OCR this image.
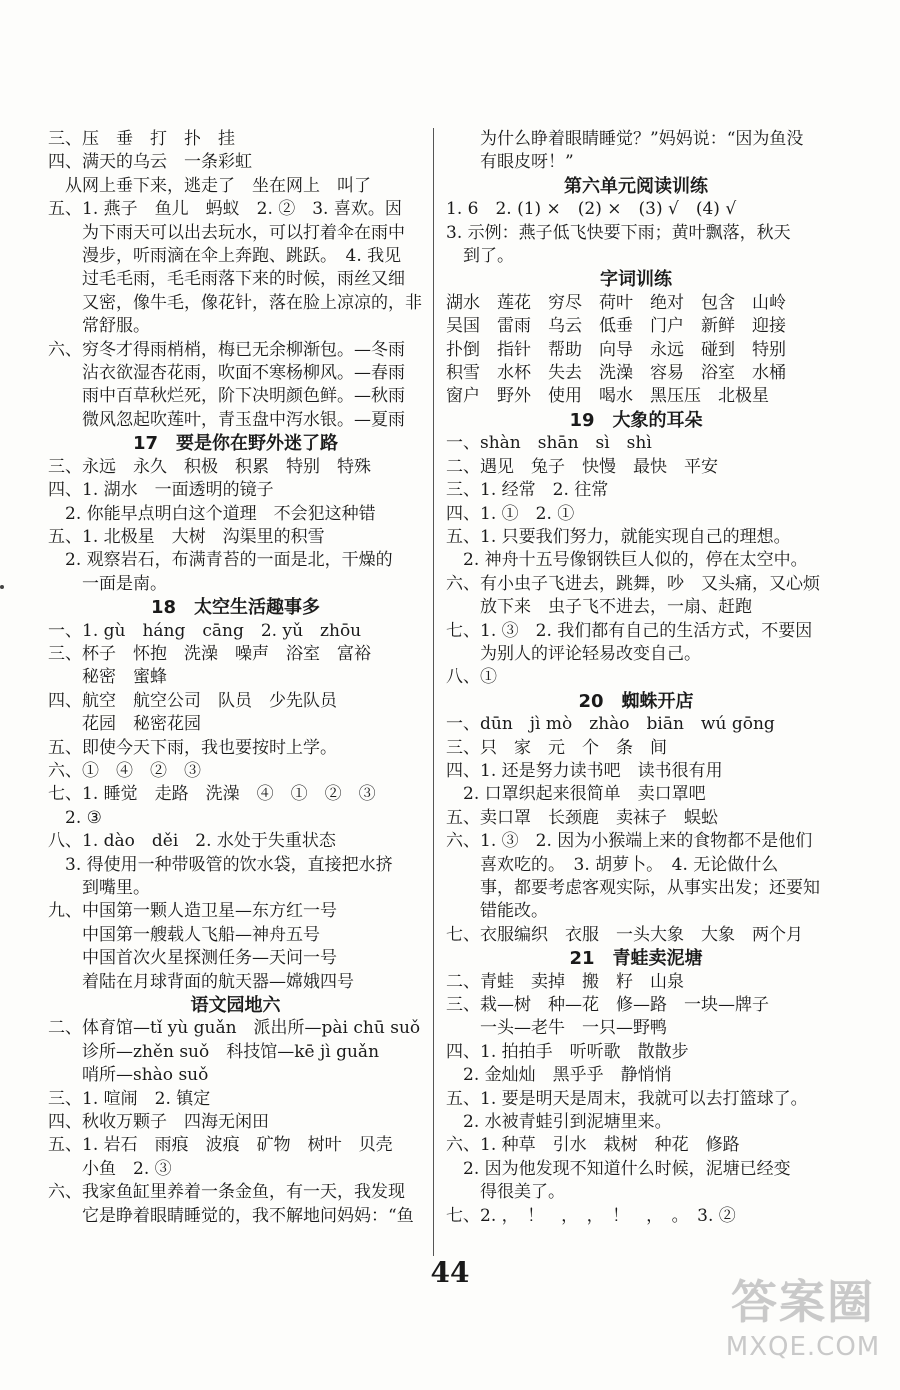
三、压　垂　打　扑　挂
四、满天的乌云　一条彩虹
从网上垂下来，逃走了　坐在网上　叫了
五、1. 燕子　鱼儿　蚂蚁　2. ②　3. 喜欢。因
为下雨天可以出去玩水，可以打着伞在雨中
漫步，听雨滴在伞上奔跑、跳跃。　4. 我见
过毛毛雨，毛毛雨落下来的时候，雨丝又细
又密，像牛毛，像花针，落在脸上凉凉的，非
常舒服。
六、穷冬才得雨梢梢，梅已无余柳渐包。—冬雨
沾衣欲湿杏花雨，吹面不寒杨柳风。—春雨
雨中百草秋烂死，阶下决明颜色鲜。—秋雨
微风忽起吹莲叶，青玉盘中泻水银。—夏雨
17　要是你在野外迷了路
三、永远　永久　积极　积累　特别　特殊
四、1. 湖水　一面透明的镜子
2. 你能早点明白这个道理　不会犯这种错
五、1. 北极星　大树　沟渠里的积雪
2. 观察岩石，布满青苔的一面是北，干燥的
一面是南。
18　太空生活趣事多
一、1. gù　háng　cāng　2. yǔ　zhōu
三、杯子　怀抱　洗澡　噪声　浴室　富裕
秘密　蜜蜂
四、航空　航空公司　队员　少先队员
花园　秘密花园
五、即使今天下雨，我也要按时上学。
六、①　④　②　③
七、1. 睡觉　走路　洗澡　④　①　②　③
2. ③
八、1. dào　děi　2. 水处于失重状态
3. 得使用一种带吸管的饮水袋，直接把水挤
到嘴里。
九、中国第一颗人造卫星—东方红一号
中国第一艘载人飞船—神舟五号
中国首次火星探测任务—天问一号
着陆在月球背面的航天器—嫦娥四号
语文园地六
二、体育馆—tǐ yù guǎn　派出所—pài chū suǒ
诊所—zhěn suǒ　科技馆—kē jì guǎn
哨所—shào suǒ
三、1. 喧闹　2. 镇定
四、秋收万颗子　四海无闲田
五、1. 岩石　雨痕　波痕　矿物　树叶　贝壳
小鱼　2. ③
六、我家鱼缸里养着一条金鱼，有一天，我发现
它是睁着眼睛睡觉的，我不解地问妈妈：“鱼
为什么睁着眼睛睡觉？”妈妈说：“因为鱼没
有眼皮呀！”
第六单元阅读训练
1. 6　2. (1) ×　(2) ×　(3) √　(4) √
3. 示例：燕子低飞快要下雨；黄叶飘落，秋天
到了。
字词训练
湖水　莲花　穷尽　荷叶　绝对　包含　山岭
吴国　雷雨　乌云　低垂　门户　新鲜　迎接
扑倒　指针　帮助　向导　永远　碰到　特别
积雪　水杯　失去　洗澡　容易　浴室　水桶
窗户　野外　使用　喝水　黑压压　北极星
19　大象的耳朵
一、shàn　shān　sì　shì
二、遇见　兔子　快慢　最快　平安
三、1. 经常　2. 往常
四、1. ①　2. ①
五、1. 只要我们努力，就能实现自己的理想。
2. 神舟十五号像钢铁巨人似的，停在太空中。
六、有小虫子飞进去，跳舞，吵　又头痛，又心烦
放下来　虫子飞不进去，一扇、赶跑
七、1. ③　2. 我们都有自己的生活方式，不要因
为别人的评论轻易改变自己。
八、①
20　蜘蛛开店
一、dūn　jì mò　zhào　biān　wú gōng
三、只　家　元　个　条　间
四、1. 还是努力读书吧　读书很有用
2. 口罩织起来很简单　卖口罩吧
五、卖口罩　长颈鹿　卖袜子　蜈蚣
六、1. ③　2. 因为小猴端上来的食物都不是他们
喜欢吃的。　3. 胡萝卜。　4. 无论做什么
事，都要考虑客观实际，从事实出发；还要知
错能改。
七、衣服编织　衣服　一头大象　大象　两个月
21　青蛙卖泥塘
二、青蛙　卖掉　搬　籽　山泉
三、栽—树　种—花　修—路　一块—牌子
一头—老牛　一只—野鸭
四、1. 拍拍手　听听歌　散散步
2. 金灿灿　黑乎乎　静悄悄
五、1. 要是明天是周末，我就可以去打篮球了。
2. 水被青蛙引到泥塘里来。
六、1. 种草　引水　栽树　种花　修路
2. 因为他发现不知道什么时候，泥塘已经变
得很美了。
七、2. ，　！　，　，　！　，　。　3. ②
44
答案圈
MXQE.COM
